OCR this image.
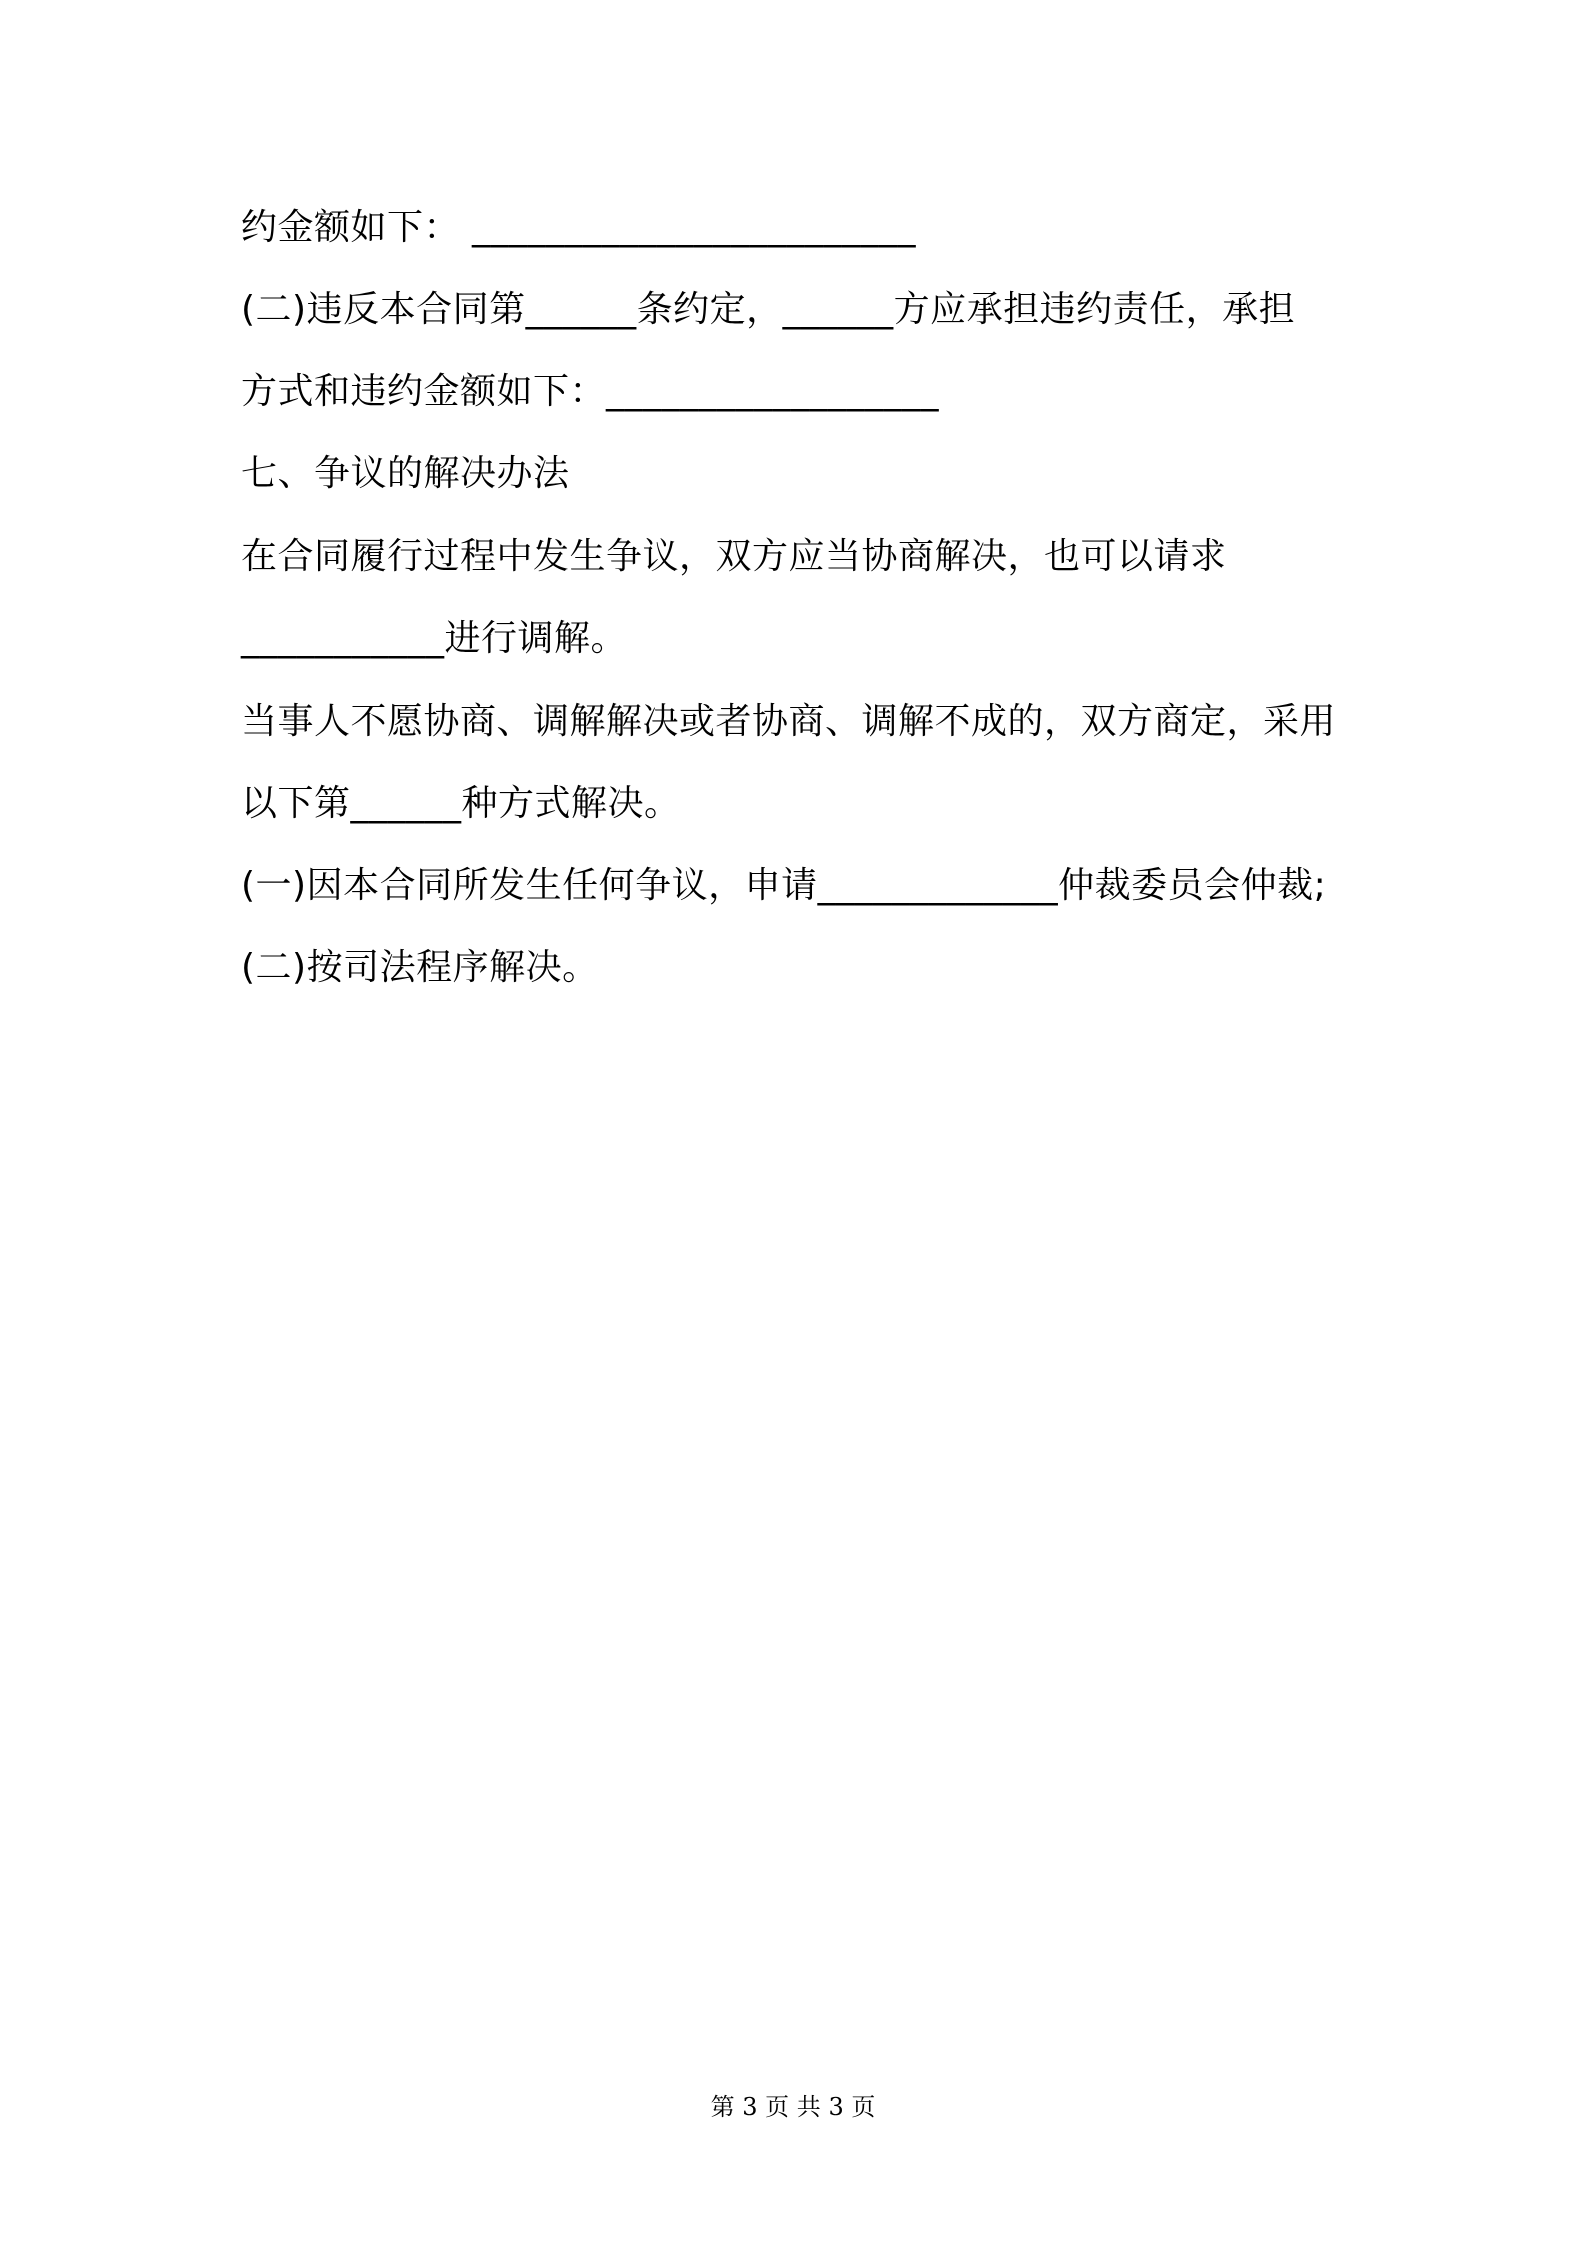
约金额如下： ________________________
(二)违反本合同第______条约定，______方应承担违约责任，承担
方式和违约金额如下：__________________
七、争议的解决办法
在合同履行过程中发生争议，双方应当协商解决，也可以请求
___________进行调解。
当事人不愿协商、调解解决或者协商、调解不成的，双方商定，采用
以下第______种方式解决。
(一)因本合同所发生任何争议，申请_____________仲裁委员会仲裁;
(二)按司法程序解决。
第 3 页 共 3 页
